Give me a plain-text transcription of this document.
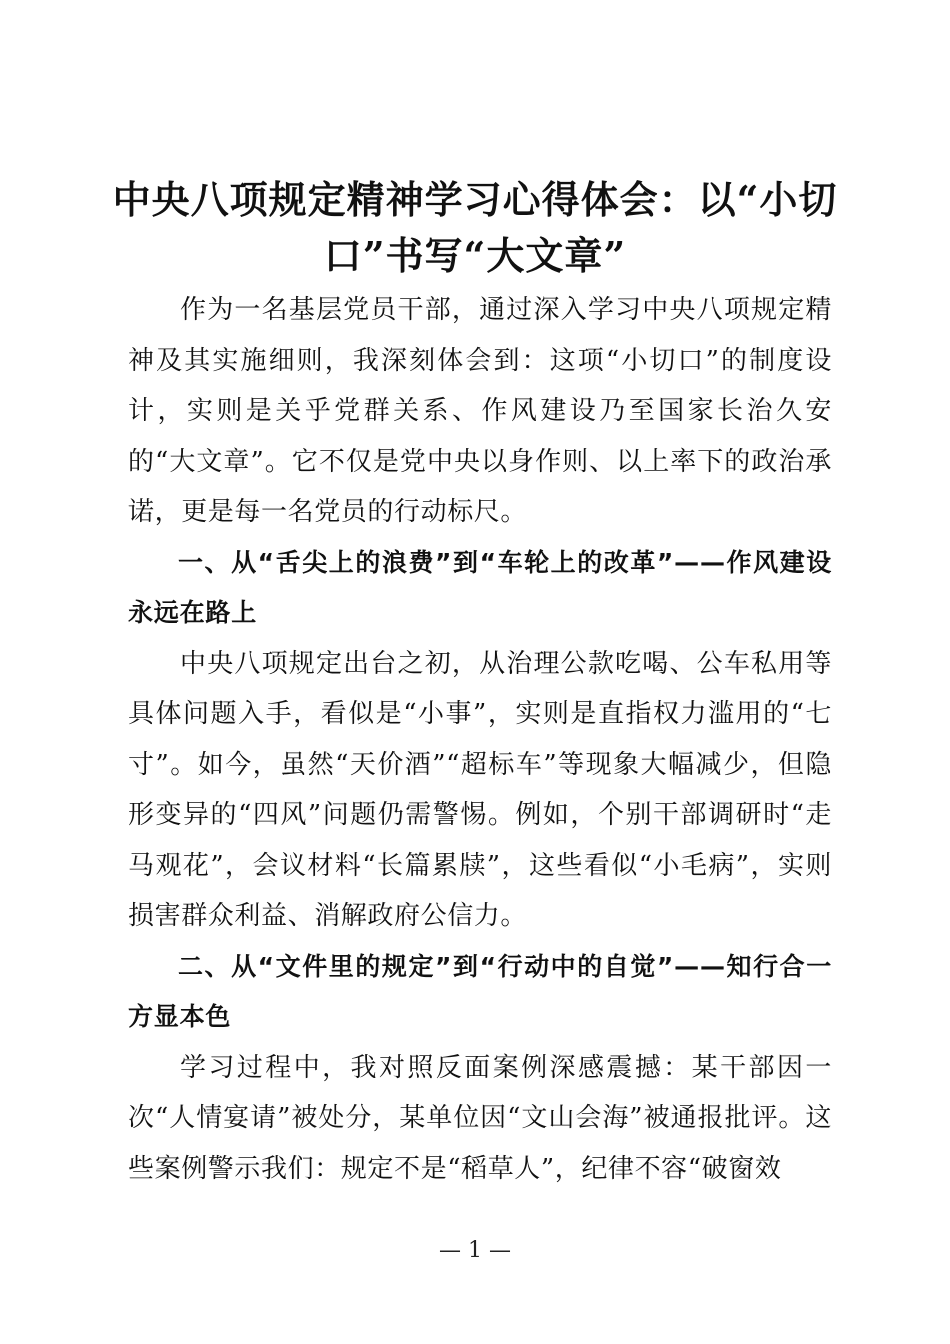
中央八项规定精神学习心得体会：以“小切
口”书写“大文章”

作为一名基层党员干部，通过深入学习中央八项规定精神及其实施细则，我深刻体会到：这项“小切口”的制度设计，实则是关乎党群关系、作风建设乃至国家长治久安的“大文章”。它不仅是党中央以身作则、以上率下的政治承诺，更是每一名党员的行动标尺。

一、从“舌尖上的浪费”到“车轮上的改革”——作风建设永远在路上

中央八项规定出台之初，从治理公款吃喝、公车私用等具体问题入手，看似是“小事”，实则是直指权力滥用的“七寸”。如今，虽然“天价酒”“超标车”等现象大幅减少，但隐形变异的“四风”问题仍需警惕。例如，个别干部调研时“走马观花”，会议材料“长篇累牍”，这些看似“小毛病”，实则损害群众利益、消解政府公信力。

二、从“文件里的规定”到“行动中的自觉”——知行合一方显本色

学习过程中，我对照反面案例深感震撼：某干部因一次“人情宴请”被处分，某单位因“文山会海”被通报批评。这些案例警示我们：规定不是“稻草人”，纪律不容“破窗效

— 1 —
